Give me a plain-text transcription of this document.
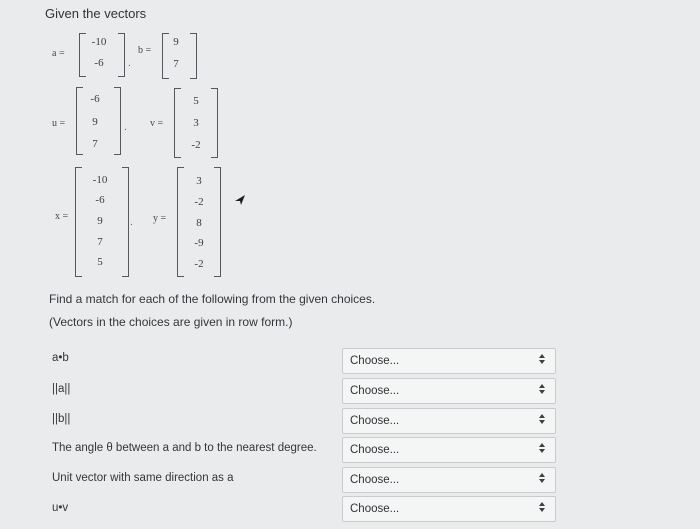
Given the vectors
a =
-10
-6	.
b =
9
7
u =
-6
9
7
. v =
5
3
-2
x =
-10
-6
9
7
5
. y =
3
-2
8
-9
-2
Find a match for each of the following from the given choices.
(Vectors in the choices are given in row form.)
a•b	Choose...
||a||	Choose...
||b||	Choose...
The angle θ between a and b to the nearest degree.	Choose...
Unit vector with same direction as a	Choose...
u•v	Choose...
